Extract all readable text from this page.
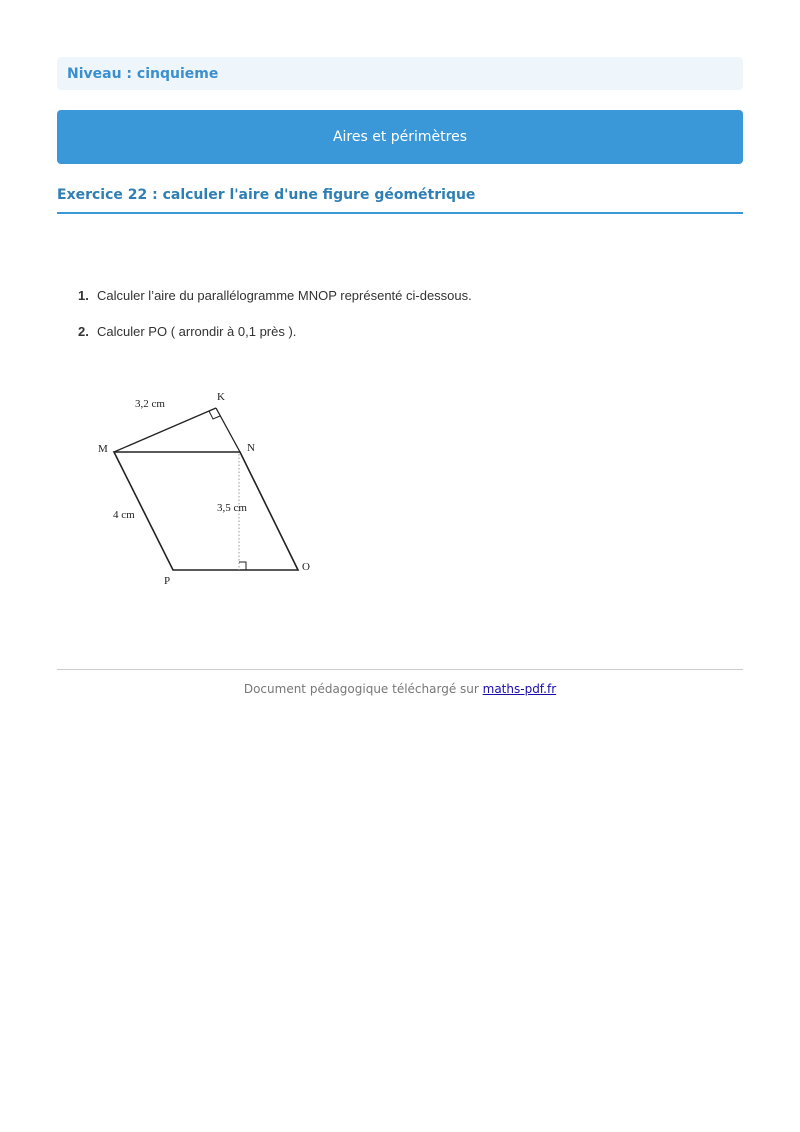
Niveau : cinquieme
Aires et périmètres
Exercice 22 : calculer l'aire d'une figure géométrique
1. Calculer l’aire du parallélogramme MNOP représenté ci-dessous.
2. Calculer PO ( arrondir à 0,1 près ).
K
M	N
O
P
3,2 cm
4 cm
3,5 cm
Document pédagogique téléchargé sur maths-pdf.fr
